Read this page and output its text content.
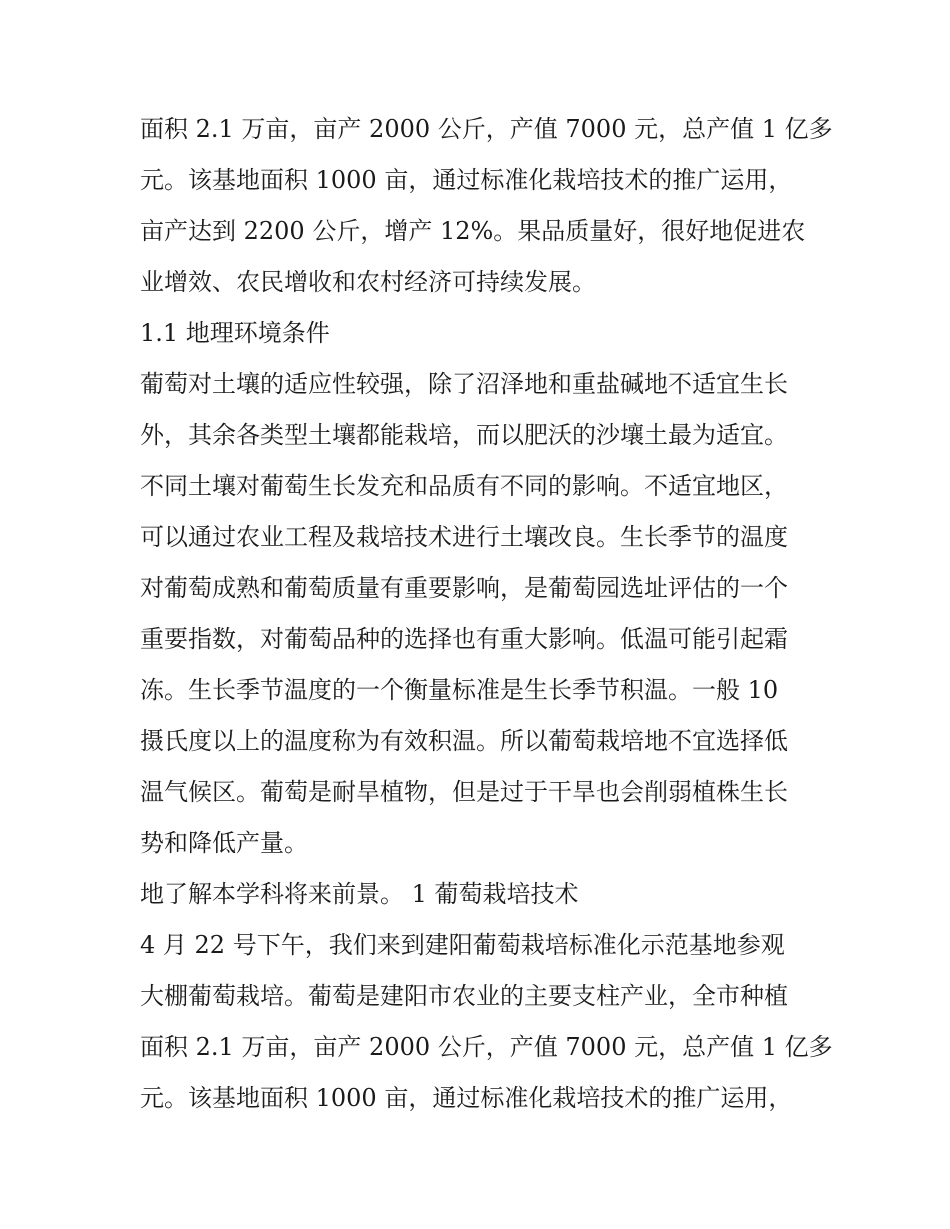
面积 2.1 万亩，亩产 2000 公斤，产值 7000 元，总产值 1 亿多
元。该基地面积 1000 亩，通过标准化栽培技术的推广运用，
亩产达到 2200 公斤，增产 12%。果品质量好，很好地促进农
业增效、农民增收和农村经济可持续发展。
1.1 地理环境条件
葡萄对土壤的适应性较强，除了沼泽地和重盐碱地不适宜生长
外，其余各类型土壤都能栽培，而以肥沃的沙壤土最为适宜。
不同土壤对葡萄生长发充和品质有不同的影响。不适宜地区，
可以通过农业工程及栽培技术进行土壤改良。生长季节的温度
对葡萄成熟和葡萄质量有重要影响，是葡萄园选址评估的一个
重要指数，对葡萄品种的选择也有重大影响。低温可能引起霜
冻。生长季节温度的一个衡量标准是生长季节积温。一般 10
摄氏度以上的温度称为有效积温。所以葡萄栽培地不宜选择低
温气候区。葡萄是耐旱植物，但是过于干旱也会削弱植株生长
势和降低产量。
地了解本学科将来前景。 1 葡萄栽培技术
4 月 22 号下午，我们来到建阳葡萄栽培标准化示范基地参观
大棚葡萄栽培。葡萄是建阳市农业的主要支柱产业，全市种植
面积 2.1 万亩，亩产 2000 公斤，产值 7000 元，总产值 1 亿多
元。该基地面积 1000 亩，通过标准化栽培技术的推广运用，
